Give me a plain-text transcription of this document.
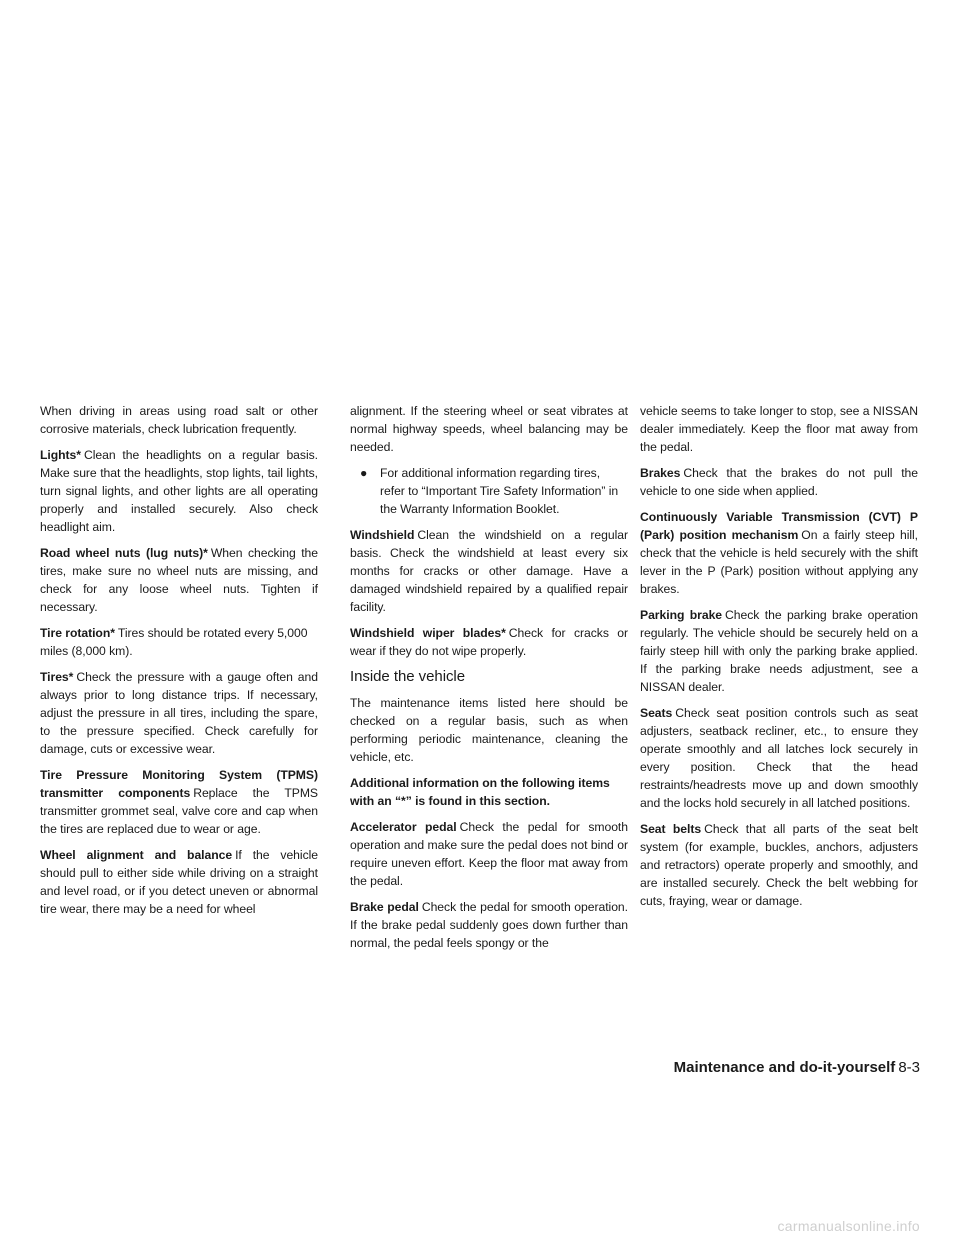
When driving in areas using road salt or other corrosive materials, check lubrication frequently.

Lights* Clean the headlights on a regular basis. Make sure that the headlights, stop lights, tail lights, turn signal lights, and other lights are all operating properly and installed securely. Also check headlight aim.

Road wheel nuts (lug nuts)* When checking the tires, make sure no wheel nuts are missing, and check for any loose wheel nuts. Tighten if necessary.

Tire rotation* Tires should be rotated every 5,000 miles (8,000 km).

Tires* Check the pressure with a gauge often and always prior to long distance trips. If necessary, adjust the pressure in all tires, including the spare, to the pressure specified. Check carefully for damage, cuts or excessive wear.

Tire Pressure Monitoring System (TPMS) transmitter components Replace the TPMS transmitter grommet seal, valve core and cap when the tires are replaced due to wear or age.

Wheel alignment and balance If the vehicle should pull to either side while driving on a straight and level road, or if you detect uneven or abnormal tire wear, there may be a need for wheel

alignment. If the steering wheel or seat vibrates at normal highway speeds, wheel balancing may be needed.

● For additional information regarding tires, refer to “Important Tire Safety Information” in the Warranty Information Booklet.

Windshield Clean the windshield on a regular basis. Check the windshield at least every six months for cracks or other damage. Have a damaged windshield repaired by a qualified repair facility.

Windshield wiper blades* Check for cracks or wear if they do not wipe properly.

Inside the vehicle

The maintenance items listed here should be checked on a regular basis, such as when performing periodic maintenance, cleaning the vehicle, etc.

Additional information on the following items with an “*” is found in this section.

Accelerator pedal Check the pedal for smooth operation and make sure the pedal does not bind or require uneven effort. Keep the floor mat away from the pedal.

Brake pedal Check the pedal for smooth operation. If the brake pedal suddenly goes down further than normal, the pedal feels spongy or the

vehicle seems to take longer to stop, see a NISSAN dealer immediately. Keep the floor mat away from the pedal.

Brakes Check that the brakes do not pull the vehicle to one side when applied.

Continuously Variable Transmission (CVT) P (Park) position mechanism On a fairly steep hill, check that the vehicle is held securely with the shift lever in the P (Park) position without applying any brakes.

Parking brake Check the parking brake operation regularly. The vehicle should be securely held on a fairly steep hill with only the parking brake applied. If the parking brake needs adjustment, see a NISSAN dealer.

Seats Check seat position controls such as seat adjusters, seatback recliner, etc., to ensure they operate smoothly and all latches lock securely in every position. Check that the head restraints/headrests move up and down smoothly and the locks hold securely in all latched positions.

Seat belts Check that all parts of the seat belt system (for example, buckles, anchors, adjusters and retractors) operate properly and smoothly, and are installed securely. Check the belt webbing for cuts, fraying, wear or damage.

Maintenance and do-it-yourself 8-3
carmanualsonline.info
